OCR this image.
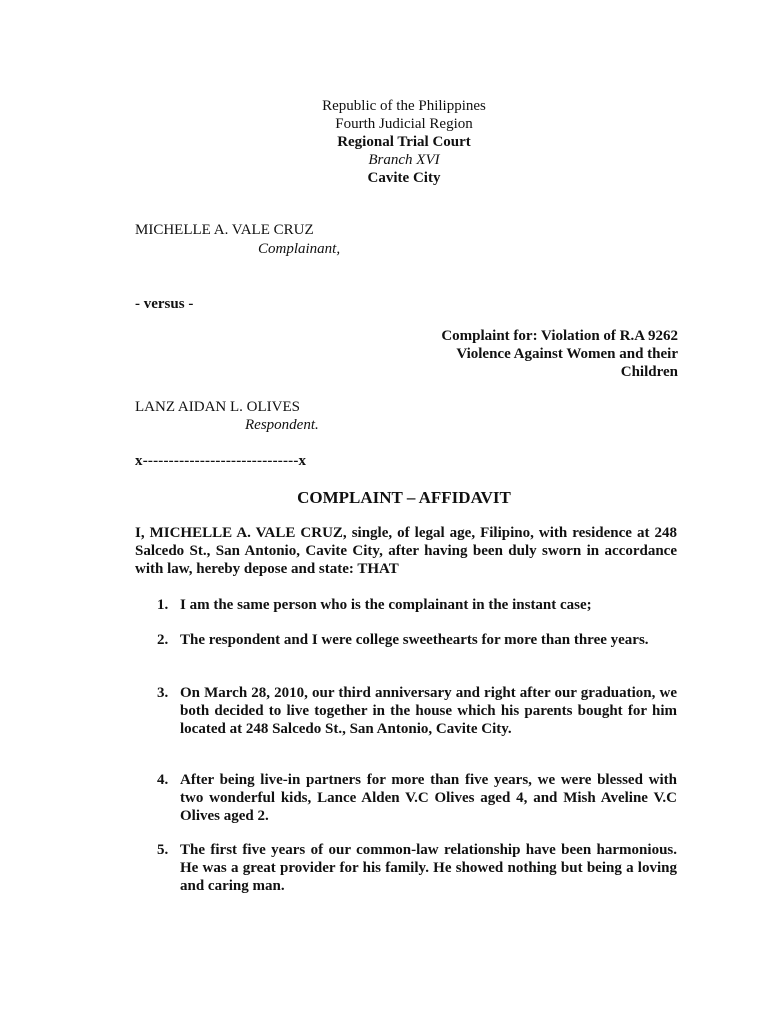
Republic of the Philippines
Fourth Judicial Region
Regional Trial Court
Branch XVI
Cavite City
MICHELLE A. VALE CRUZ
Complainant,
- versus -
Complaint for: Violation of R.A 9262
Violence Against Women and their
Children
LANZ AIDAN L. OLIVES
Respondent.
x------------------------------x
COMPLAINT – AFFIDAVIT
I, MICHELLE A. VALE CRUZ, single, of legal age, Filipino, with residence at 248 Salcedo St., San Antonio, Cavite City, after having been duly sworn in accordance with law, hereby depose and state: THAT
1. I am the same person who is the complainant in the instant case;
2. The respondent and I were college sweethearts for more than three years.
3. On March 28, 2010, our third anniversary and right after our graduation, we both decided to live together in the house which his parents bought for him located at 248 Salcedo St., San Antonio, Cavite City.
4. After being live-in partners for more than five years, we were blessed with two wonderful kids, Lance Alden V.C Olives aged 4, and Mish Aveline V.C Olives aged 2.
5. The first five years of our common-law relationship have been harmonious. He was a great provider for his family. He showed nothing but being a loving and caring man.
